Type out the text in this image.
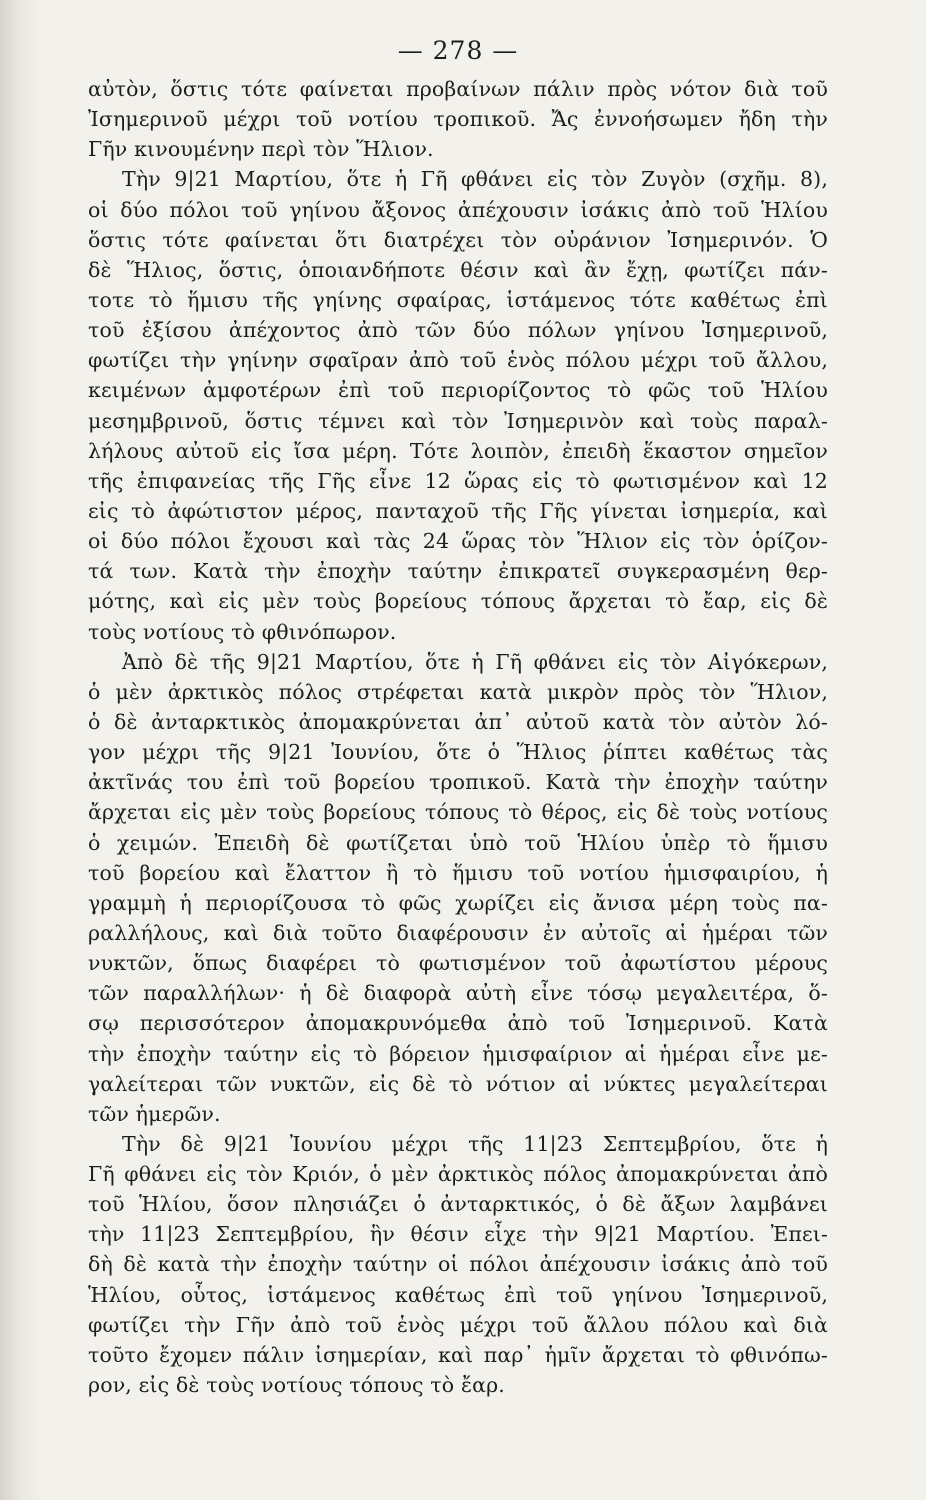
— 278 —
αὐτὸν, ὅστις τότε φαίνεται προβαίνων πάλιν πρὸς νότον διὰ τοῦ
Ἰσημερινοῦ μέχρι τοῦ νοτίου τροπικοῦ. Ἄς ἐννοήσωμεν ἤδη τὴν
Γῆν κινουμένην περὶ τὸν Ἥλιον.
Τὴν 9|21 Μαρτίου, ὅτε ἡ Γῆ φθάνει εἰς τὸν Ζυγὸν (σχῆμ. 8),
οἱ δύο πόλοι τοῦ γηίνου ἄξονος ἀπέχουσιν ἰσάκις ἀπὸ τοῦ Ἡλίου
ὅστις τότε φαίνεται ὅτι διατρέχει τὸν οὐράνιον Ἰσημερινόν. Ὁ
δὲ Ἥλιος, ὅστις, ὁποιανδήποτε θέσιν καὶ ἂν ἔχῃ, φωτίζει πάν-
τοτε τὸ ἥμισυ τῆς γηίνης σφαίρας, ἱστάμενος τότε καθέτως ἐπὶ
τοῦ ἐξίσου ἀπέχοντος ἀπὸ τῶν δύο πόλων γηίνου Ἰσημερινοῦ,
φωτίζει τὴν γηίνην σφαῖραν ἀπὸ τοῦ ἑνὸς πόλου μέχρι τοῦ ἄλλου,
κειμένων ἀμφοτέρων ἐπὶ τοῦ περιορίζοντος τὸ φῶς τοῦ Ἡλίου
μεσημβρινοῦ, ὅστις τέμνει καὶ τὸν Ἰσημερινὸν καὶ τοὺς παραλ-
λήλους αὐτοῦ εἰς ἴσα μέρη. Τότε λοιπὸν, ἐπειδὴ ἕκαστον σημεῖον
τῆς ἐπιφανείας τῆς Γῆς εἶνε 12 ὥρας εἰς τὸ φωτισμένον καὶ 12
εἰς τὸ ἀφώτιστον μέρος, πανταχοῦ τῆς Γῆς γίνεται ἰσημερία, καὶ
οἱ δύο πόλοι ἔχουσι καὶ τὰς 24 ὥρας τὸν Ἥλιον εἰς τὸν ὁρίζον-
τά των. Κατὰ τὴν ἐποχὴν ταύτην ἐπικρατεῖ συγκερασμένη θερ-
μότης, καὶ εἰς μὲν τοὺς βορείους τόπους ἄρχεται τὸ ἔαρ, εἰς δὲ
τοὺς νοτίους τὸ φθινόπωρον.
Ἀπὸ δὲ τῆς 9|21 Μαρτίου, ὅτε ἡ Γῆ φθάνει εἰς τὸν Αἰγόκερων,
ὁ μὲν ἀρκτικὸς πόλος στρέφεται κατὰ μικρὸν πρὸς τὸν Ἥλιον,
ὁ δὲ ἀνταρκτικὸς ἀπομακρύνεται ἀπ᾽ αὐτοῦ κατὰ τὸν αὐτὸν λό-
γον μέχρι τῆς 9|21 Ἰουνίου, ὅτε ὁ Ἥλιος ῥίπτει καθέτως τὰς
ἀκτῖνάς του ἐπὶ τοῦ βορείου τροπικοῦ. Κατὰ τὴν ἐποχὴν ταύτην
ἄρχεται εἰς μὲν τοὺς βορείους τόπους τὸ θέρος, εἰς δὲ τοὺς νοτίους
ὁ χειμών. Ἐπειδὴ δὲ φωτίζεται ὑπὸ τοῦ Ἡλίου ὑπὲρ τὸ ἥμισυ
τοῦ βορείου καὶ ἔλαττον ἢ τὸ ἥμισυ τοῦ νοτίου ἡμισφαιρίου, ἡ
γραμμὴ ἡ περιορίζουσα τὸ φῶς χωρίζει εἰς ἄνισα μέρη τοὺς πα-
ραλλήλους, καὶ διὰ τοῦτο διαφέρουσιν ἐν αὐτοῖς αἱ ἡμέραι τῶν
νυκτῶν, ὅπως διαφέρει τὸ φωτισμένον τοῦ ἀφωτίστου μέρους
τῶν παραλλήλων· ἡ δὲ διαφορὰ αὐτὴ εἶνε τόσῳ μεγαλειτέρα, ὅ-
σῳ περισσότερον ἀπομακρυνόμεθα ἀπὸ τοῦ Ἰσημερινοῦ. Κατὰ
τὴν ἐποχὴν ταύτην εἰς τὸ βόρειον ἡμισφαίριον αἱ ἡμέραι εἶνε με-
γαλείτεραι τῶν νυκτῶν, εἰς δὲ τὸ νότιον αἱ νύκτες μεγαλείτεραι
τῶν ἡμερῶν.
Τὴν δὲ 9|21 Ἰουνίου μέχρι τῆς 11|23 Σεπτεμβρίου, ὅτε ἡ
Γῆ φθάνει εἰς τὸν Κριόν, ὁ μὲν ἀρκτικὸς πόλος ἀπομακρύνεται ἀπὸ
τοῦ Ἡλίου, ὅσον πλησιάζει ὁ ἀνταρκτικός, ὁ δὲ ἄξων λαμβάνει
τὴν 11|23 Σεπτεμβρίου, ἣν θέσιν εἶχε τὴν 9|21 Μαρτίου. Ἐπει-
δὴ δὲ κατὰ τὴν ἐποχὴν ταύτην οἱ πόλοι ἀπέχουσιν ἰσάκις ἀπὸ τοῦ
Ἡλίου, οὗτος, ἱστάμενος καθέτως ἐπὶ τοῦ γηίνου Ἰσημερινοῦ,
φωτίζει τὴν Γῆν ἀπὸ τοῦ ἑνὸς μέχρι τοῦ ἄλλου πόλου καὶ διὰ
τοῦτο ἔχομεν πάλιν ἰσημερίαν, καὶ παρ᾽ ἡμῖν ἄρχεται τὸ φθινόπω-
ρον, εἰς δὲ τοὺς νοτίους τόπους τὸ ἔαρ.
